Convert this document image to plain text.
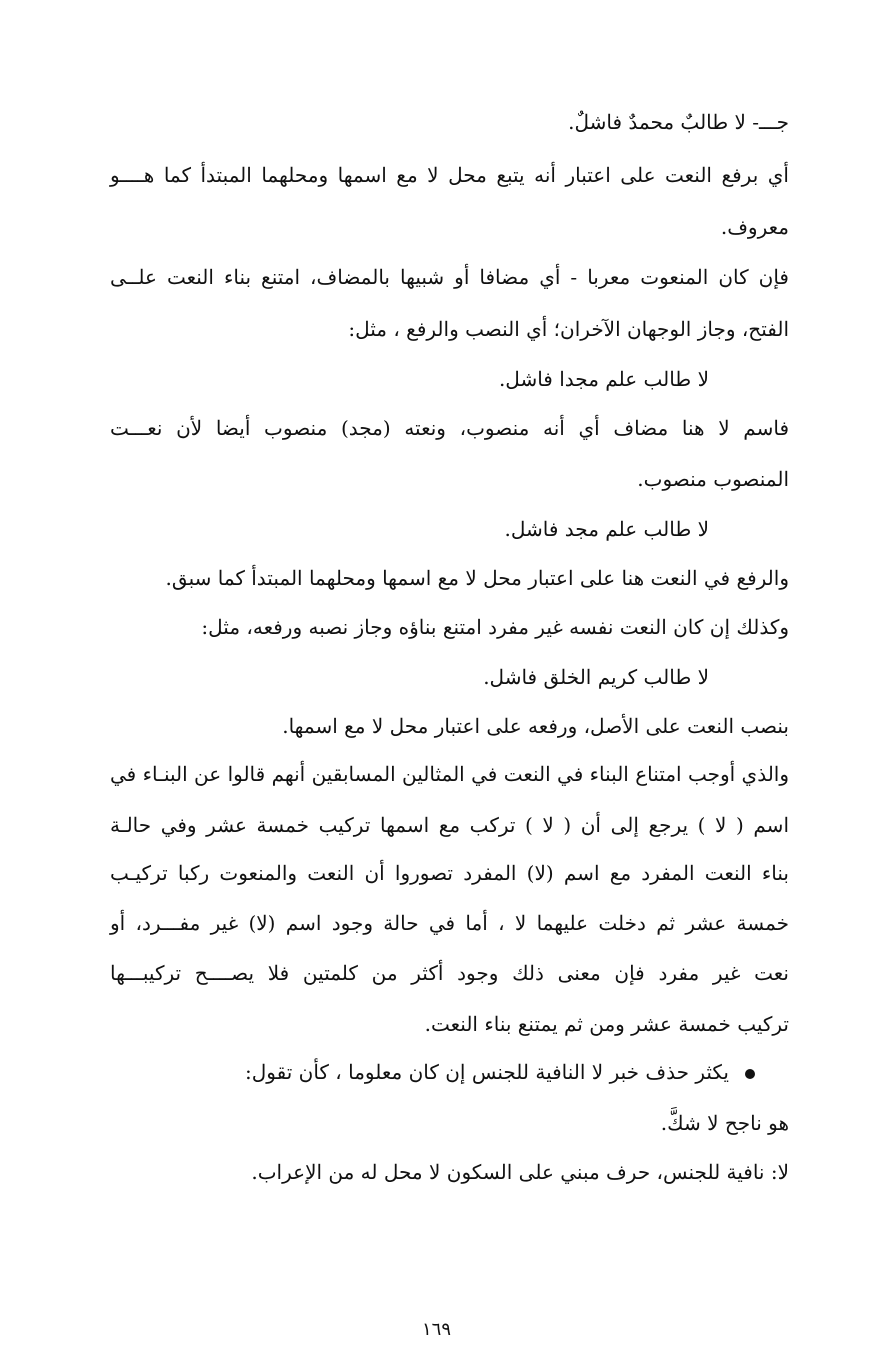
جـــ- لا طالبٌ محمدٌ فاشلٌ.
أي برفع النعت على اعتبار أنه يتبع محل لا مع اسمها ومحلهما المبتدأ كما هــــو
معروف.
فإن كان المنعوت معربا - أي مضافا أو شبيها بالمضاف، امتنع بناء النعت علــى
الفتح، وجاز الوجهان الآخران؛ أي النصب والرفع ، مثل:
لا طالب علم مجدا فاشل.
فاسم لا هنا مضاف أي أنه منصوب، ونعته (مجد) منصوب أيضا لأن نعـــت
المنصوب منصوب.
لا طالب علم مجد فاشل.
والرفع في النعت هنا على اعتبار محل لا مع اسمها ومحلهما المبتدأ كما سبق.
وكذلك إن كان النعت نفسه غير مفرد امتنع بناؤه وجاز نصبه ورفعه، مثل:
لا طالب كريم الخلق فاشل.
بنصب النعت على الأصل، ورفعه على اعتبار محل لا مع اسمها.
والذي أوجب امتناع البناء في النعت في المثالين المسابقين أنهم قالوا عن البنـاء في
اسم ( لا ) يرجع إلى أن ( لا ) تركب مع اسمها تركيب خمسة عشر وفي حالـة
بناء النعت المفرد مع اسم (لا) المفرد تصوروا أن النعت والمنعوت ركبا تركيـب
خمسة عشر ثم دخلت عليهما لا ، أما في حالة وجود اسم (لا) غير مفـــرد، أو
نعت غير مفرد فإن معنى ذلك وجود أكثر من كلمتين فلا يصــــح تركيبـــها
تركيب خمسة عشر ومن ثم يمتنع بناء النعت.
يكثر حذف خبر لا النافية للجنس إن كان معلوما ، كأن تقول:
هو ناجح لا شكَّ.
لا: نافية للجنس، حرف مبني على السكون لا محل له من الإعراب.
١٦٩
